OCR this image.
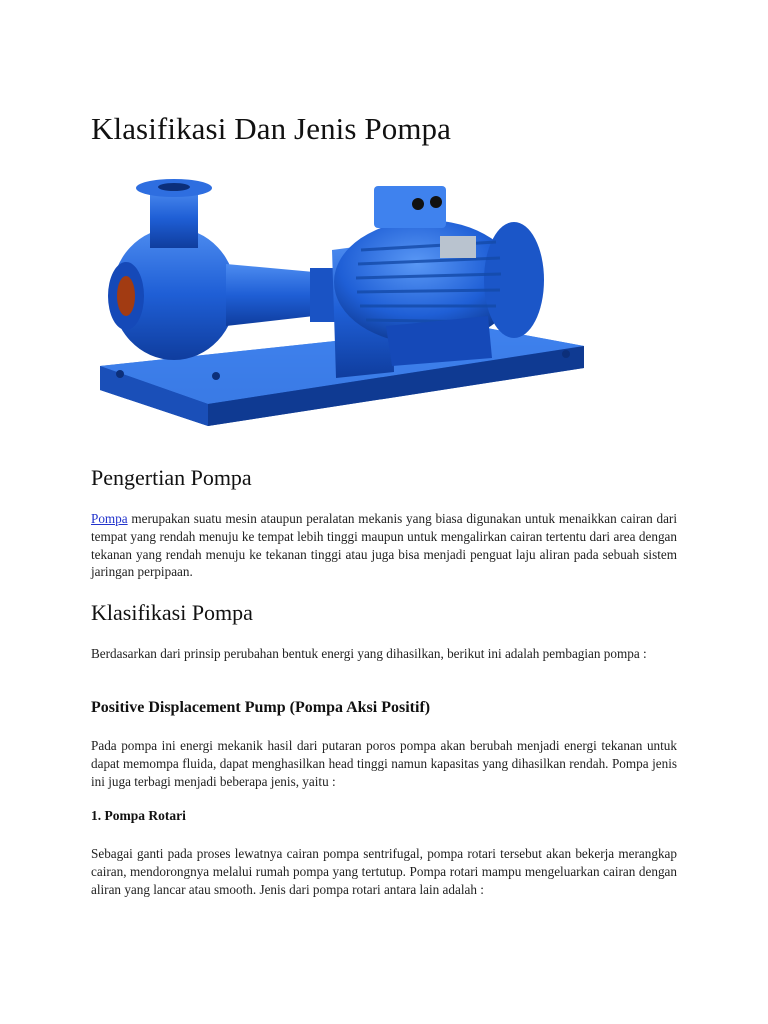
Klasifikasi Dan Jenis Pompa
Pengertian Pompa

Pompa merupakan suatu mesin ataupun peralatan mekanis yang biasa digunakan untuk menaikkan cairan dari tempat yang rendah menuju ke tempat lebih tinggi maupun untuk mengalirkan cairan tertentu dari area dengan tekanan yang rendah menuju ke tekanan tinggi atau juga bisa menjadi penguat laju aliran pada sebuah sistem jaringan perpipaan.

Klasifikasi Pompa

Berdasarkan dari prinsip perubahan bentuk energi yang dihasilkan, berikut ini adalah pembagian pompa :

Positive Displacement Pump (Pompa Aksi Positif)

Pada pompa ini energi mekanik hasil dari putaran poros pompa akan berubah menjadi energi tekanan untuk dapat memompa fluida, dapat menghasilkan head tinggi namun kapasitas yang dihasilkan rendah. Pompa jenis ini juga terbagi menjadi beberapa jenis, yaitu :

1. Pompa Rotari

Sebagai ganti pada proses lewatnya cairan pompa sentrifugal, pompa rotari tersebut akan bekerja merangkap cairan, mendorongnya melalui rumah pompa yang tertutup. Pompa rotari mampu mengeluarkan cairan dengan aliran yang lancar atau smooth. Jenis dari pompa rotari antara lain adalah :
